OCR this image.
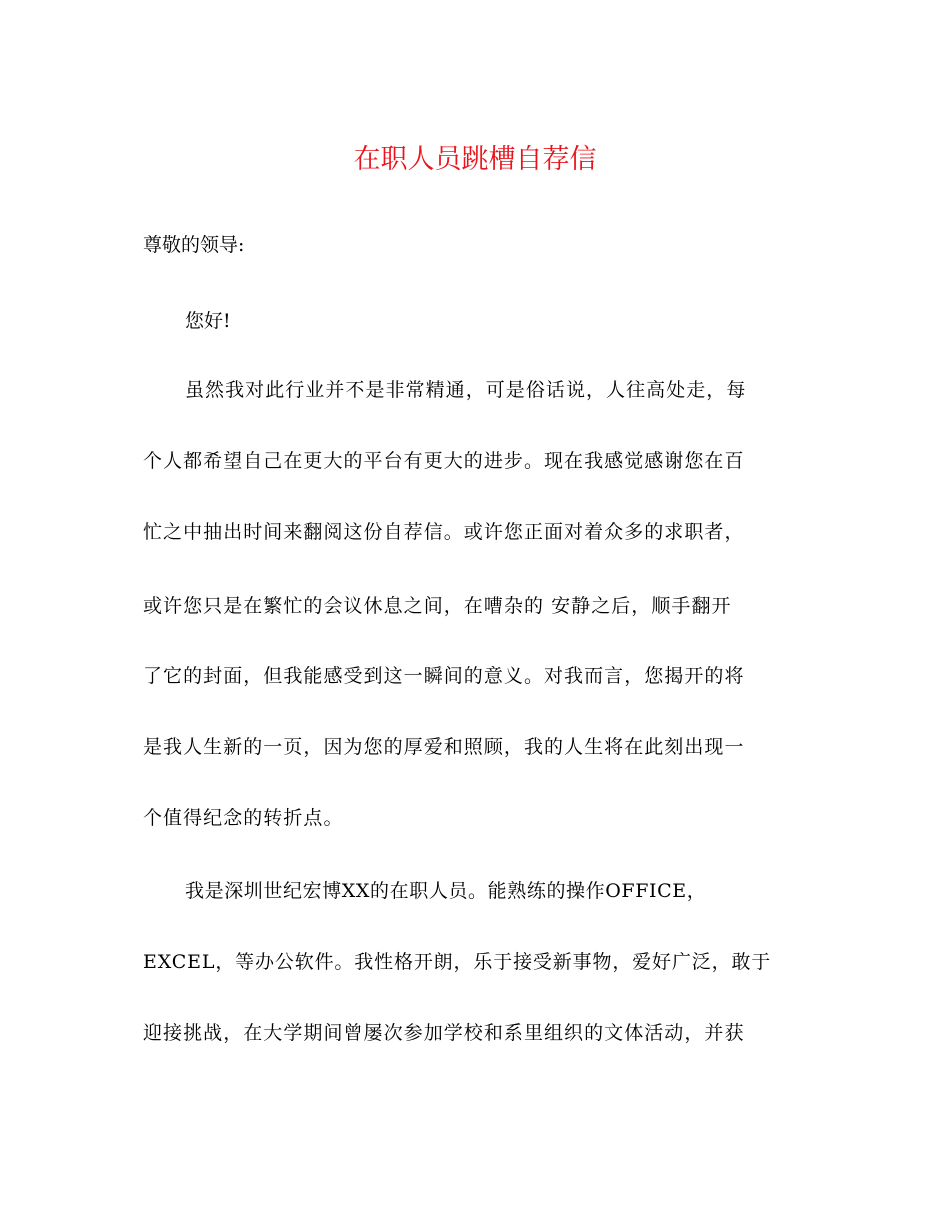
在职人员跳槽自荐信
尊敬的领导:
您好!
虽然我对此行业并不是非常精通，可是俗话说，人往高处走，每
个人都希望自己在更大的平台有更大的进步。现在我感觉感谢您在百
忙之中抽出时间来翻阅这份自荐信。或许您正面对着众多的求职者，
或许您只是在繁忙的会议休息之间，在嘈杂的 安静之后，顺手翻开
了它的封面，但我能感受到这一瞬间的意义。对我而言，您揭开的将
是我人生新的一页，因为您的厚爱和照顾，我的人生将在此刻出现一
个值得纪念的转折点。
我是深圳世纪宏博XX的在职人员。能熟练的操作OFFICE，
EXCEL，等办公软件。我性格开朗，乐于接受新事物，爱好广泛，敢于
迎接挑战，在大学期间曾屡次参加学校和系里组织的文体活动，并获
